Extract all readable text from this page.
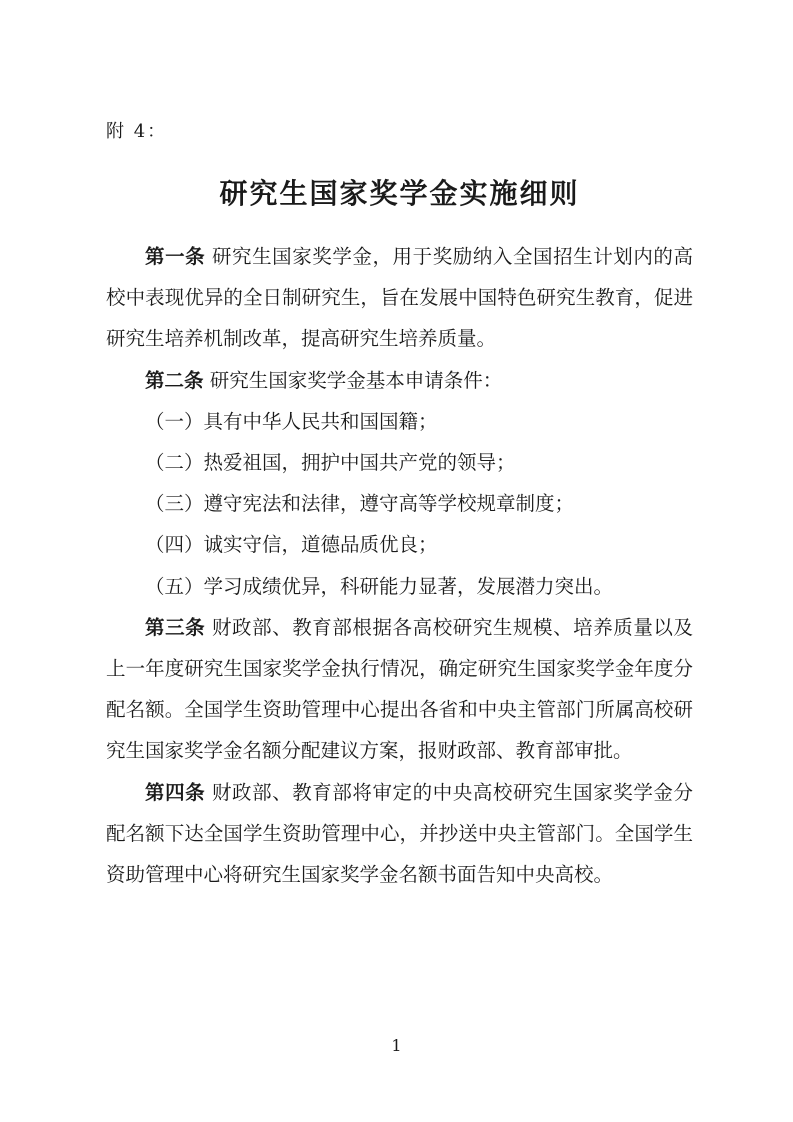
附 4：

研究生国家奖学金实施细则

第一条 研究生国家奖学金，用于奖励纳入全国招生计划内的高校中表现优异的全日制研究生，旨在发展中国特色研究生教育，促进研究生培养机制改革，提高研究生培养质量。

第二条 研究生国家奖学金基本申请条件：

（一）具有中华人民共和国国籍；

（二）热爱祖国，拥护中国共产党的领导；

（三）遵守宪法和法律，遵守高等学校规章制度；

（四）诚实守信，道德品质优良；

（五）学习成绩优异，科研能力显著，发展潜力突出。

第三条 财政部、教育部根据各高校研究生规模、培养质量以及上一年度研究生国家奖学金执行情况，确定研究生国家奖学金年度分配名额。全国学生资助管理中心提出各省和中央主管部门所属高校研究生国家奖学金名额分配建议方案，报财政部、教育部审批。

第四条 财政部、教育部将审定的中央高校研究生国家奖学金分配名额下达全国学生资助管理中心，并抄送中央主管部门。全国学生资助管理中心将研究生国家奖学金名额书面告知中央高校。

1
